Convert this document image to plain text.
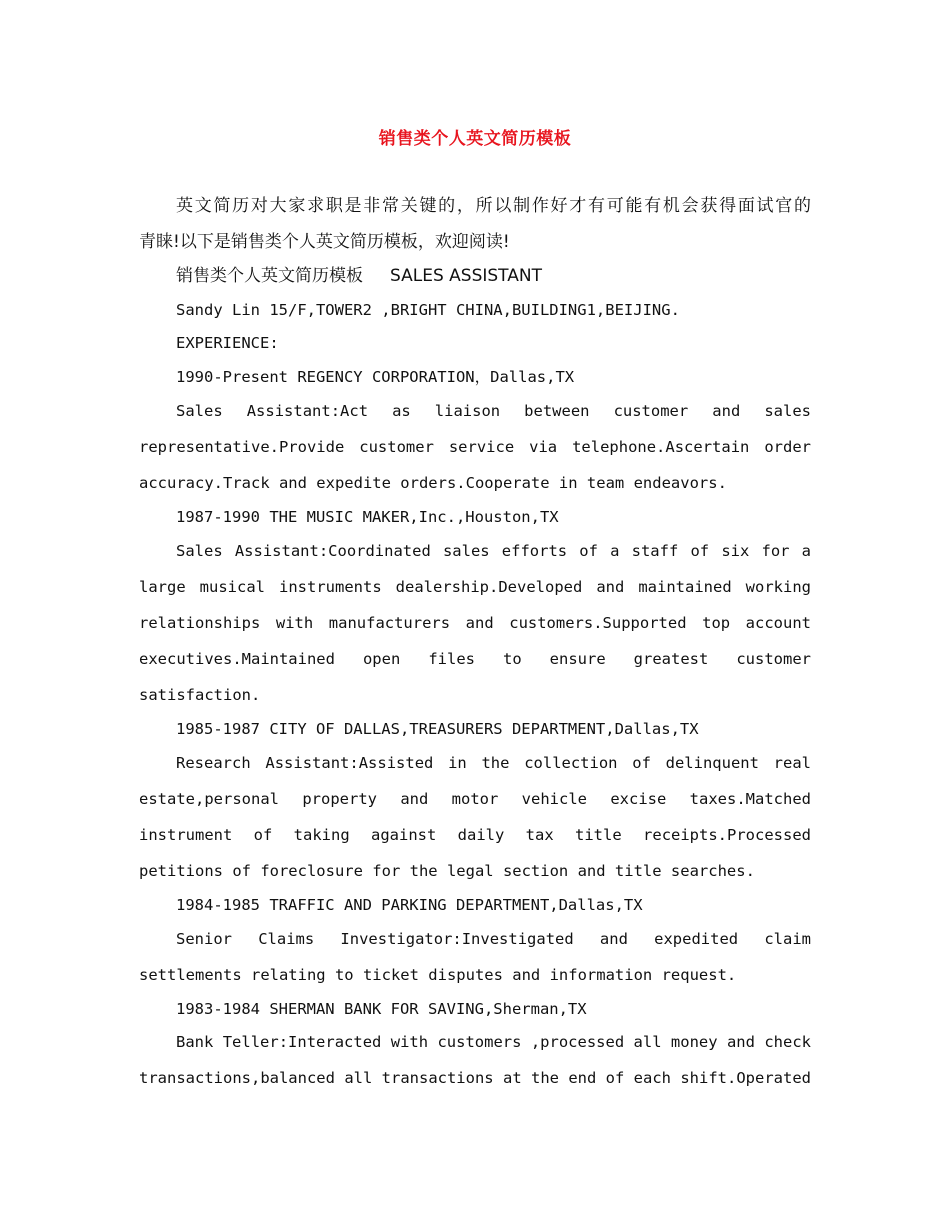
销售类个人英文简历模板
英文简历对大家求职是非常关键的，所以制作好才有可能有机会获得面试官的
青睐!以下是销售类个人英文简历模板，欢迎阅读!
销售类个人英文简历模板     SALES ASSISTANT
Sandy Lin 15/F,TOWER2 ,BRIGHT CHINA,BUILDING1,BEIJING.
EXPERIENCE:
1990-Present REGENCY CORPORATION，Dallas,TX
Sales Assistant:Act as liaison between customer and sales
representative.Provide customer service via telephone.Ascertain order
accuracy.Track and expedite orders.Cooperate in team endeavors.
1987-1990 THE MUSIC MAKER,Inc.,Houston,TX
Sales Assistant:Coordinated sales efforts of a staff of six for a
large musical instruments dealership.Developed and maintained working
relationships with manufacturers and customers.Supported top account
executives.Maintained open files to ensure greatest customer
satisfaction.
1985-1987 CITY OF DALLAS,TREASURERS DEPARTMENT,Dallas,TX
Research Assistant:Assisted in the collection of delinquent real
estate,personal property and motor vehicle excise taxes.Matched
instrument of taking against daily tax title receipts.Processed
petitions of foreclosure for the legal section and title searches.
1984-1985 TRAFFIC AND PARKING DEPARTMENT,Dallas,TX
Senior Claims Investigator:Investigated and expedited claim
settlements relating to ticket disputes and information request.
1983-1984 SHERMAN BANK FOR SAVING,Sherman,TX
Bank Teller:Interacted with customers ,processed all money and check
transactions,balanced all transactions at the end of each shift.Operated
